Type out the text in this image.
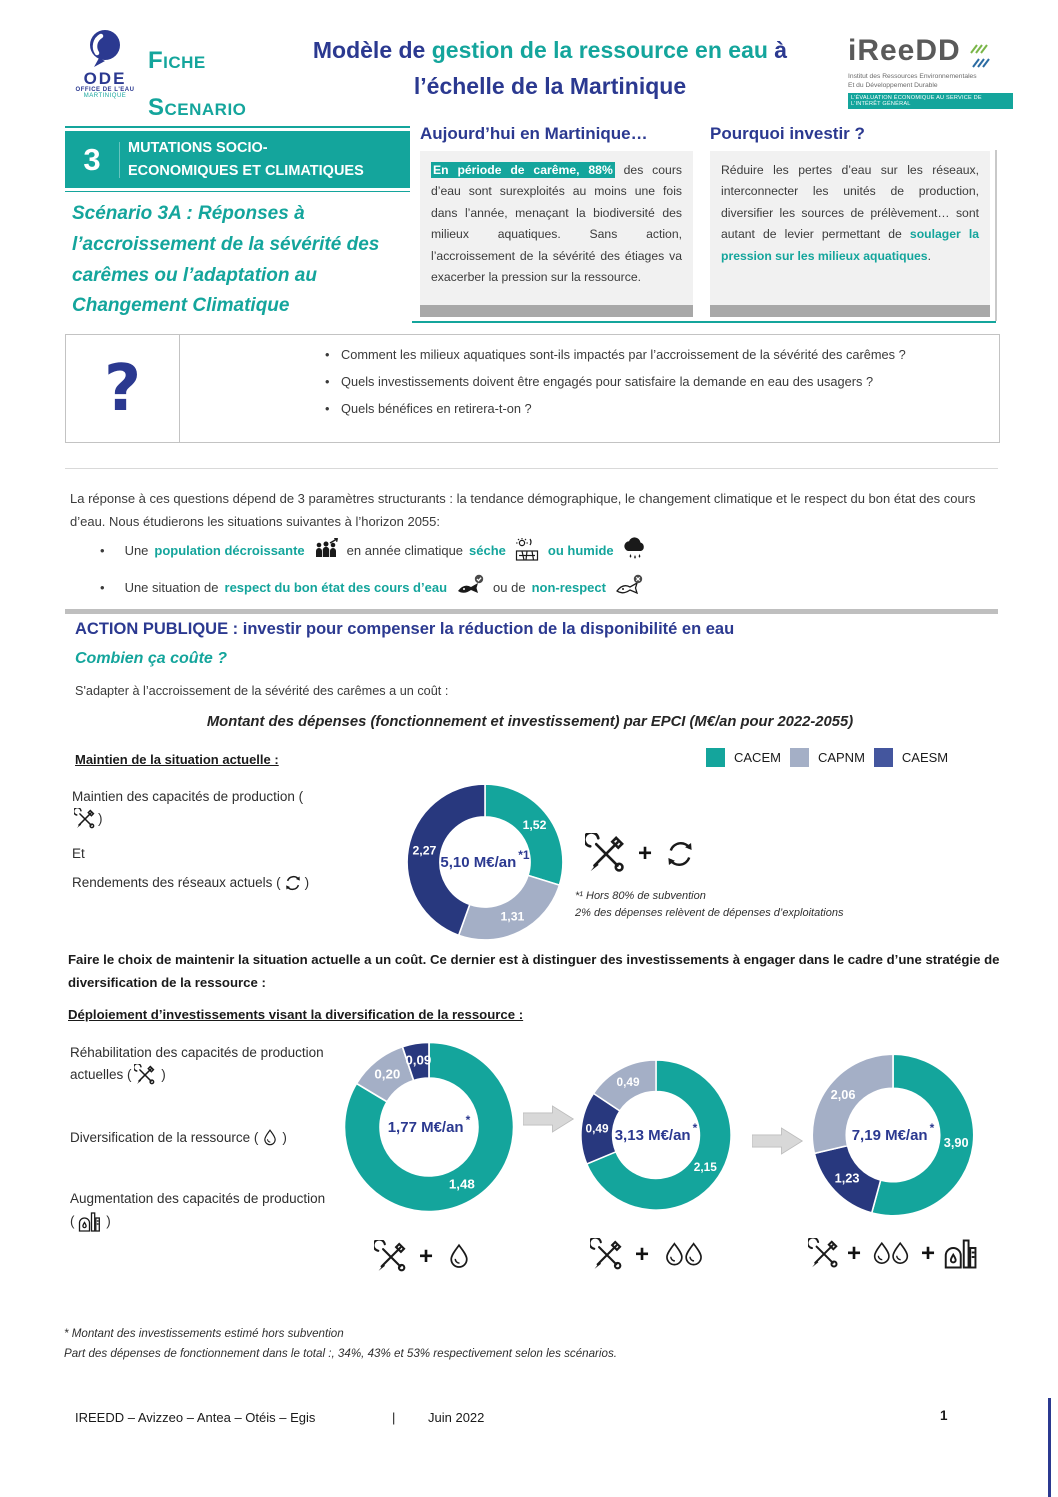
ODE
OFFICE DE L'EAU
MARTINIQUE
Fiche
Scenario
Modèle de gestion de la ressource en eau à
l’échelle de la Martinique
iReeDD
Institut des Ressources Environnementales
Et du Développement Durable
L’ÉVALUATION ÉCONOMIQUE AU SERVICE DE L’INTÉRÊT GÉNÉRAL
3	MUTATIONS SOCIO-
ECONOMIQUES ET CLIMATIQUES
Scénario 3A : Réponses à l’accroissement de la sévérité des carêmes ou l’adaptation au Changement Climatique
Aujourd’hui en Martinique…
En période de carême, 88% des cours d’eau sont surexploités au moins une fois dans l’année, menaçant la biodiversité des milieux aquatiques. Sans action, l’accroissement de la sévérité des étiages va exacerber la pression sur la ressource.
Pourquoi investir ?
Réduire les pertes d’eau sur les réseaux, interconnecter les unités de production, diversifier les sources de prélèvement… sont autant de levier permettant de soulager la pression sur les milieux aquatiques.
?	• Comment les milieux aquatiques sont-ils impactés par l’accroissement de la sévérité des carêmes ?
• Quels investissements doivent être engagés pour satisfaire la demande en eau des usagers ?
• Quels bénéfices en retirera-t-on ?
La réponse à ces questions dépend de 3 paramètres structurants : la tendance démographique, le changement climatique et le respect du bon état des cours d’eau. Nous étudierons les situations suivantes à l’horizon 2055:
• Une population décroissante	en année climatique séche	ou humide
• Une situation de respect du bon état des cours d’eau	ou de non-respect
ACTION PUBLIQUE : investir pour compenser la réduction de la disponibilité en eau
Combien ça coûte ?
S'adapter à l’accroissement de la sévérité des carêmes a un coût :
Montant des dépenses (fonctionnement et investissement) par EPCI (M€/an pour 2022-2055)
Maintien de la situation actuelle :	CACEM	CAPNM	CAESM
Maintien des capacités de production (
)
Et
Rendements des réseaux actuels ( )
1,52
1,31
2,27
5,10 M€/an *1	+
*¹ Hors 80% de subvention
2% des dépenses relèvent de dépenses d’exploitations
Faire le choix de maintenir la situation actuelle a un coût. Ce dernier est à distinguer des investissements à engager dans le cadre d’une stratégie de diversification de la ressource :
Déploiement d’investissements visant la diversification de la ressource :
Réhabilitation des capacités de production actuelles (
)
Diversification de la ressource ( )
Augmentation des capacités de production (
)
1,48
0,20
0,09
1,77 M€/an *
2,15
0,49
0,49
3,13 M€/an *
3,90
1,23
2,06
7,19 M€/an *
+	+	+	+
* Montant des investissements estimé hors subvention
Part des dépenses de fonctionnement dans le total :, 34%, 43% et 53% respectivement selon les scénarios.
IREEDD – Avizzeo – Antea – Otéis – Egis	|	Juin 2022	1
